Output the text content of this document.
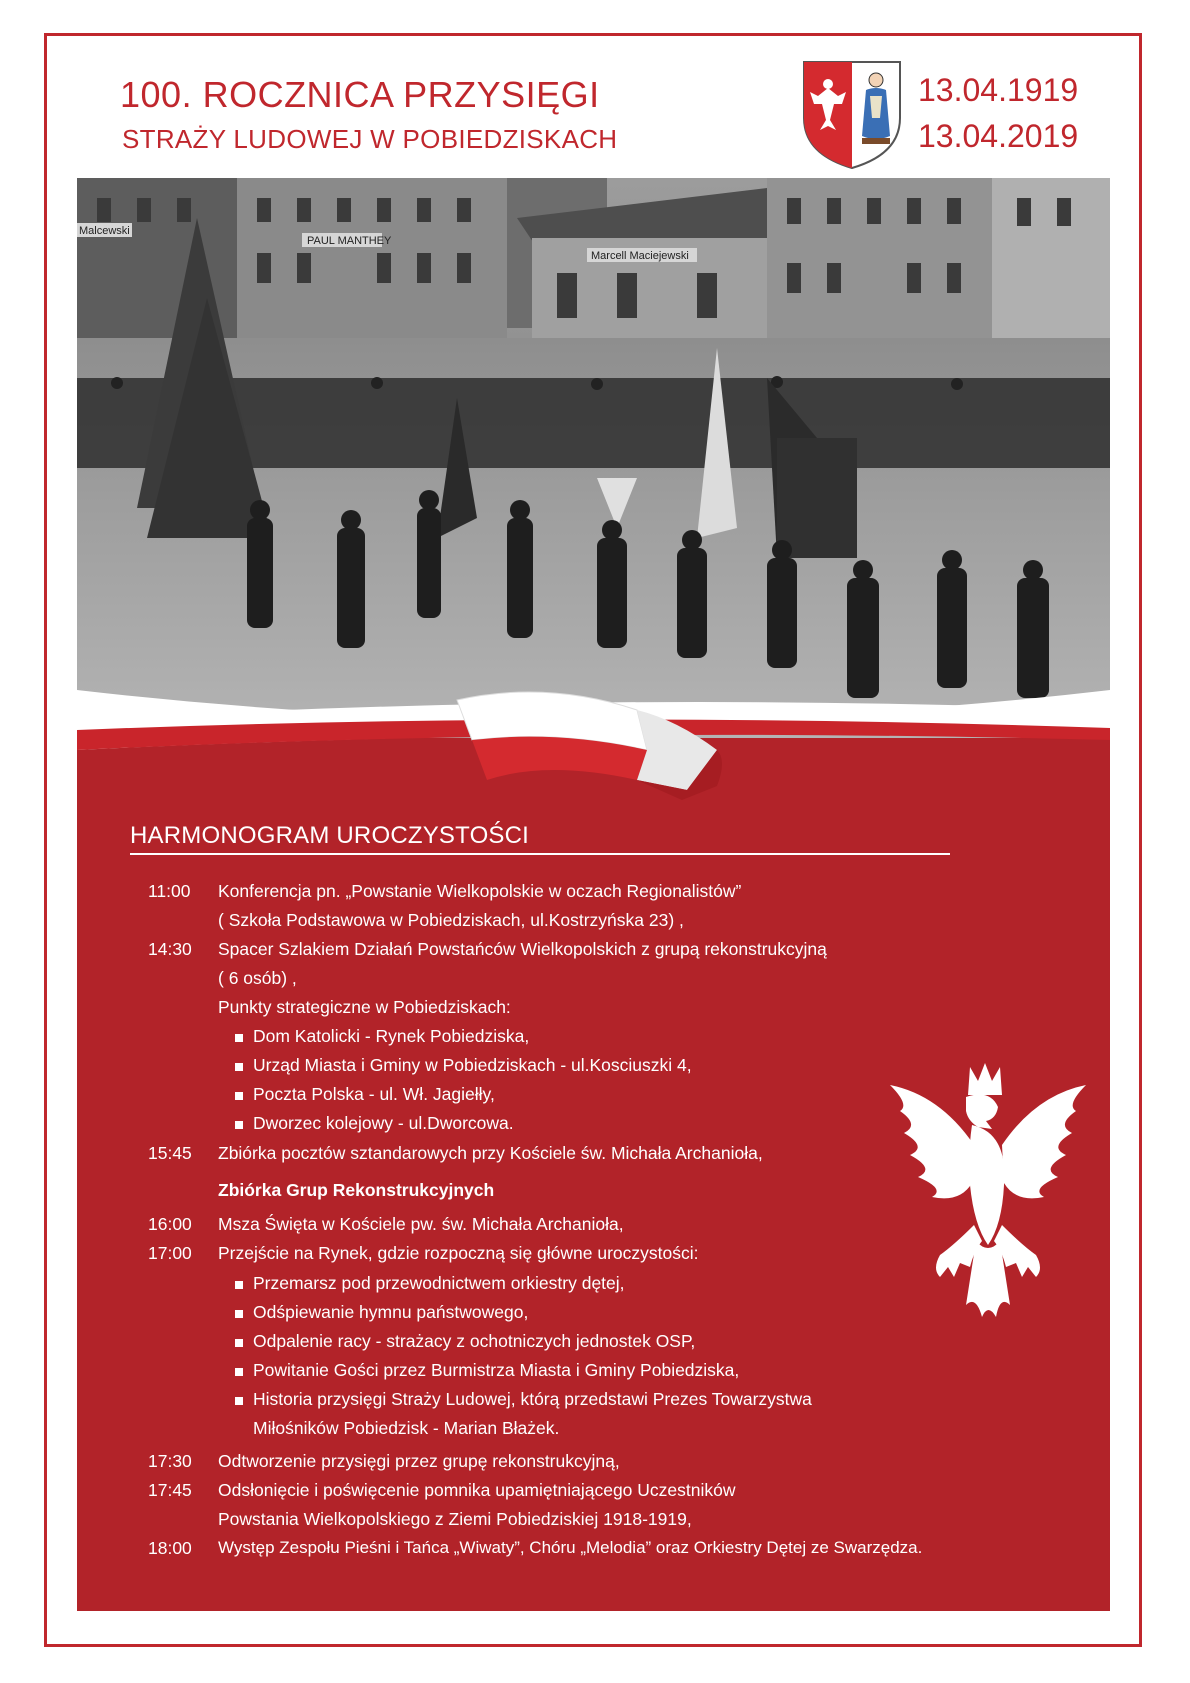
100. ROCZNICA PRZYSIĘGI
STRAŻY LUDOWEJ W POBIEDZISKACH
13.04.1919
13.04.2019
PAUL MANTHEY
Marcell Maciejewski
Malcewski
HARMONOGRAM UROCZYSTOŚCI
11:00 Konferencja pn. „Powstanie Wielkopolskie w oczach Regionalistów”
( Szkoła Podstawowa w Pobiedziskach, ul.Kostrzyńska 23) ,
14:30 Spacer Szlakiem Działań Powstańców Wielkopolskich z grupą rekonstrukcyjną
( 6 osób) ,
Punkty strategiczne w Pobiedziskach:
Dom Katolicki - Rynek Pobiedziska,
Urząd Miasta i Gminy w Pobiedziskach - ul.Kosciuszki 4,
Poczta Polska - ul. Wł. Jagiełły,
Dworzec kolejowy - ul.Dworcowa.
15:45 Zbiórka pocztów sztandarowych przy Kościele św. Michała Archanioła,
Zbiórka Grup Rekonstrukcyjnych
16:00 Msza Święta w Kościele pw. św. Michała Archanioła,
17:00 Przejście na Rynek, gdzie rozpoczną się główne uroczystości:
Przemarsz pod przewodnictwem orkiestry dętej,
Odśpiewanie hymnu państwowego,
Odpalenie racy - strażacy z ochotniczych jednostek OSP,
Powitanie Gości przez Burmistrza Miasta i Gminy Pobiedziska,
Historia przysięgi Straży Ludowej, którą przedstawi Prezes Towarzystwa
Miłośników Pobiedzisk - Marian Błażek.
17:30 Odtworzenie przysięgi przez grupę rekonstrukcyjną,
17:45 Odsłonięcie i poświęcenie pomnika upamiętniającego Uczestników
Powstania Wielkopolskiego z Ziemi Pobiedziskiej 1918-1919,
18:00 Występ Zespołu Pieśni i Tańca „Wiwaty”, Chóru „Melodia” oraz Orkiestry Dętej ze Swarzędza.
